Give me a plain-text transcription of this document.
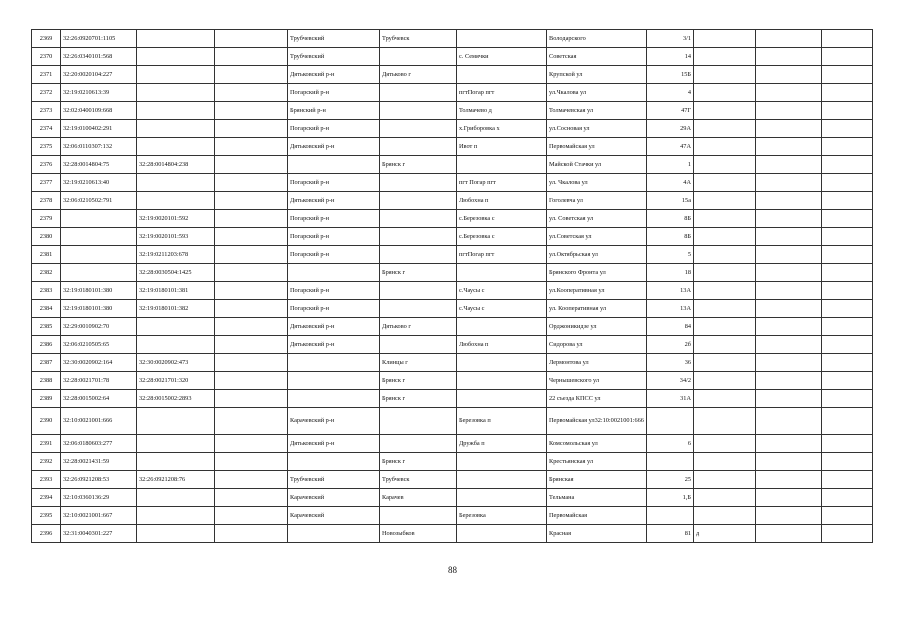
2369	32:26:0920701:1105			Трубчевский	Трубчевск		Володарского	3/1			
2370	32:26:0340101:568			Трубчевский		с. Семячки	Советская	14			
2371	32:20:0020104:227			Дятьковский р-н	Дятьково г		Крупской ул	15Б			
2372	32:19:0210613:39			Погарский р-н		пгтПогар пгт	ул.Чкалова ул	4			
2373	32:02:0400109:668			Брянский р-н		Толмачево д	Толмачевская ул	47Г			
2374	32:19:0100402:291			Погарский р-н		х.Гриборовка х	ул.Сосновая ул	29А			
2375	32:06:0110307:132			Дятьковский р-н		Ивот п	Первомайская ул	47А			
2376	32:28:0014804:75	32:28:0014804:238			Брянск г		Майской Стачки ул	1			
2377	32:19:0210613:40			Погарский р-н		пгт Погар пгт	ул. Чкалова ул	4А			
2378	32:06:0210502:791			Дятьковский р-н		Любохна п	Гоголевча ул	15а			
2379		32:19:0020101:592		Погарский р-н		с.Березовка с	ул. Советская ул	8Б			
2380		32:19:0020101:593		Погарский р-н		с.Березовка с	ул.Советская ул	8Б			
2381		32:19:0211203:678		Погарский р-н		пгтПогар пгт	ул.Октябрьская ул	5			
2382		32:28:0030504:1425			Брянск г		Брянского Фронта ул	18			
2383	32:19:0180101:380	32:19:0180101:381		Погарский р-н		с.Чаусы с	ул.Кооперативная ул	13А			
2384	32:19:0180101:380	32:19:0180101:382		Погарский р-н		с.Чаусы с	ул. Кооперативная ул	13А			
2385	32:29:0010902:70			Дятьковский р-н	Дятьково г		Орджоникидзе ул	84			
2386	32:06:0210505:65			Дятьковский р-н		Любохна п	Сидорова ул	2б			
2387	32:30:0020902:164	32:30:0020902:473			Клинцы г		Лермонтова ул	36			
2388	32:28:0021701:78	32:28:0021701:320			Брянск г		Чернышевского ул	34/2			
2389	32:28:0015002:64	32:28:0015002:2893			Брянск г		22 съезда КПСС ул	31А			
2390	32:10:0021001:666			Карачевский р-н		Березовка п	Первомайская ул32:10:0021001:666				
2391	32:06:0180603:277			Дятьковский р-н		Дружба п	Комсомольская ул	6			
2392	32:28:0021431:59				Брянск г		Крестьянская ул				
2393	32:26:0921208:53	32:26:0921208:76		Трубчевский	Трубчевск		Брянская	25			
2394	32:10:0360136:29			Карачевский	Карачев		Тельмана	1,Б			
2395	32:10:0021001:667			Карачевский		Березовка	Первомайская				
2396	32:31:0040301:227				Новозыбков		Красная	81	д		
88
